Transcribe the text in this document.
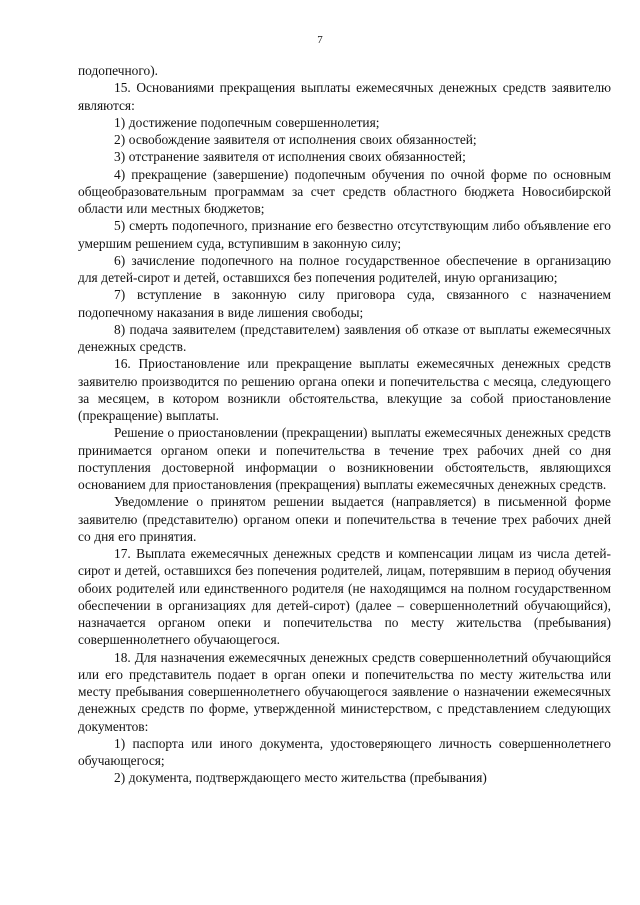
7

подопечного).

15. Основаниями прекращения выплаты ежемесячных денежных средств заявителю являются:

1) достижение подопечным совершеннолетия;

2) освобождение заявителя от исполнения своих обязанностей;

3) отстранение заявителя от исполнения своих обязанностей;

4) прекращение (завершение) подопечным обучения по очной форме по основным общеобразовательным программам за счет средств областного бюджета Новосибирской области или местных бюджетов;

5) смерть подопечного, признание его безвестно отсутствующим либо объявление его умершим решением суда, вступившим в законную силу;

6) зачисление подопечного на полное государственное обеспечение в организацию для детей-сирот и детей, оставшихся без попечения родителей, иную организацию;

7) вступление в законную силу приговора суда, связанного с назначением подопечному наказания в виде лишения свободы;

8) подача заявителем (представителем) заявления об отказе от выплаты ежемесячных денежных средств.

16. Приостановление или прекращение выплаты ежемесячных денежных средств заявителю производится по решению органа опеки и попечительства с месяца, следующего за месяцем, в котором возникли обстоятельства, влекущие за собой приостановление (прекращение) выплаты.

Решение о приостановлении (прекращении) выплаты ежемесячных денежных средств принимается органом опеки и попечительства в течение трех рабочих дней со дня поступления достоверной информации о возникновении обстоятельств, являющихся основанием для приостановления (прекращения) выплаты ежемесячных денежных средств.

Уведомление о принятом решении выдается (направляется) в письменной форме заявителю (представителю) органом опеки и попечительства в течение трех рабочих дней со дня его принятия.

17. Выплата ежемесячных денежных средств и компенсации лицам из числа детей-сирот и детей, оставшихся без попечения родителей, лицам, потерявшим в период обучения обоих родителей или единственного родителя (не находящимся на полном государственном обеспечении в организациях для детей-сирот) (далее – совершеннолетний обучающийся), назначается органом опеки и попечительства по месту жительства (пребывания) совершеннолетнего обучающегося.

18. Для назначения ежемесячных денежных средств совершеннолетний обучающийся или его представитель подает в орган опеки и попечительства по месту жительства или месту пребывания совершеннолетнего обучающегося заявление о назначении ежемесячных денежных средств по форме, утвержденной министерством, с представлением следующих документов:

1) паспорта или иного документа, удостоверяющего личность совершеннолетнего обучающегося;

2) документа, подтверждающего место жительства (пребывания)
